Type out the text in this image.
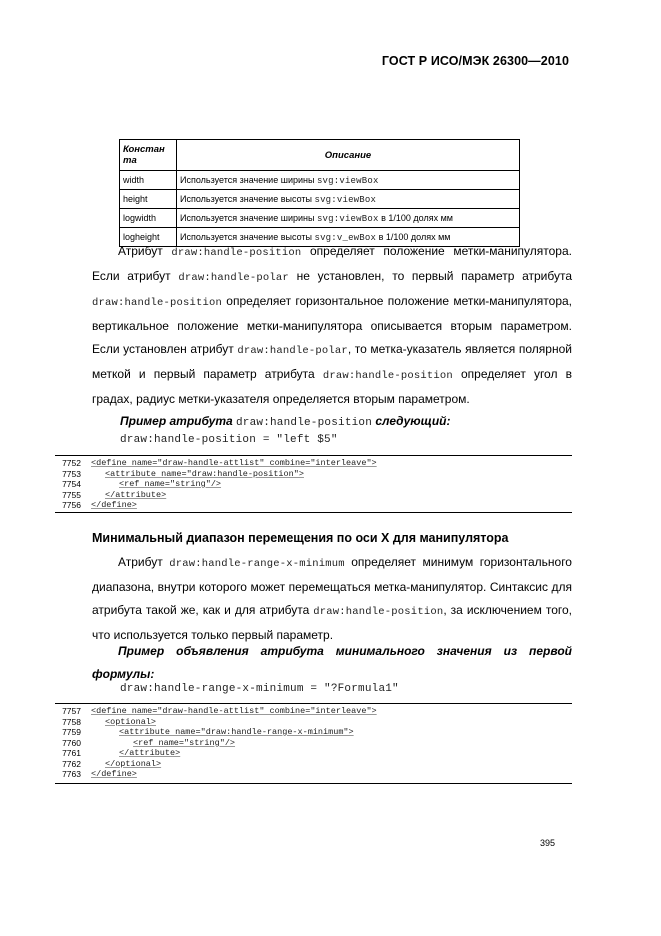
ГОСТ Р ИСО/МЭК 26300—2010
Констан та	Описание
width	Используется значение ширины svg:viewBox
height	Используется значение высоты svg:viewBox
logwidth	Используется значение ширины svg:viewBox в 1/100 долях мм
logheight	Используется значение высоты svg:v_ewBox в 1/100 долях мм

Атрибут draw:handle-position определяет положение метки-манипулятора. Если атрибут draw:handle-polar не установлен, то первый параметр атрибута draw:handle-position определяет горизонтальное положение метки-манипулятора, вертикальное положение метки-манипулятора описывается вторым параметром. Если установлен атрибут draw:handle-polar, то метка-указатель является полярной меткой и первый параметр атрибута draw:handle-position определяет угол в градах, радиус метки-указателя определяется вторым параметром.

Пример атрибута draw:handle-position следующий:
draw:handle-position = "left $5"
7752 <define name="draw-handle-attlist" combine="interleave">
7753	<attribute name="draw:handle-position">
7754	<ref name="string"/>
7755	</attribute>
7756 </define>
Минимальный диапазон перемещения по оси X для манипулятора

Атрибут draw:handle-range-x-minimum определяет минимум горизонтального диапазона, внутри которого может перемещаться метка-манипулятор. Синтаксис для атрибута такой же, как и для атрибута draw:handle-position, за исключением того, что используется только первый параметр.

Пример объявления атрибута минимального значения из первой формулы:

draw:handle-range-x-minimum = "?Formula1"
7757 <define name="draw-handle-attlist" combine="interleave">
7758	<optional>
7759	<attribute name="draw:handle-range-x-minimum">
7760	<ref name="string"/>
7761	</attribute>
7762	</optional>
7763 </define>
395
